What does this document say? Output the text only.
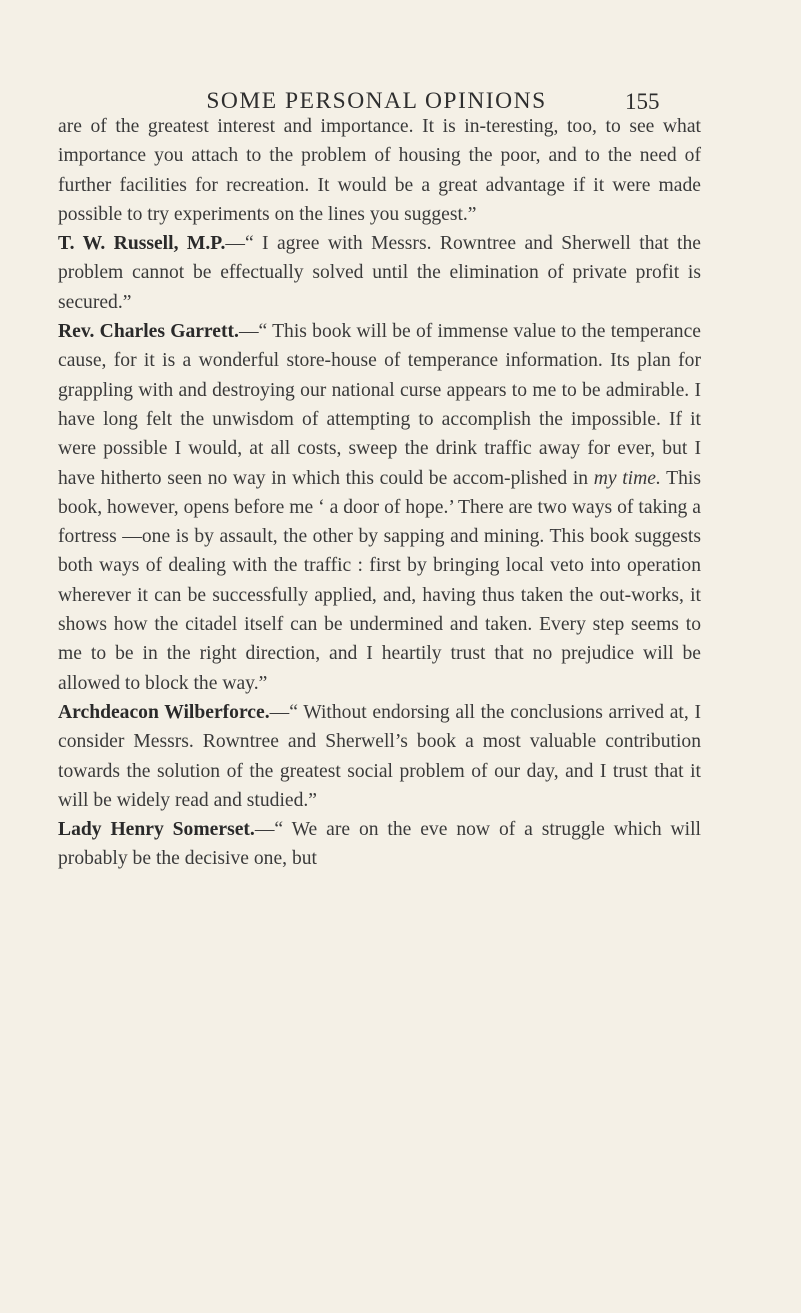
SOME PERSONAL OPINIONS	155

are of the greatest interest and importance. It is in-teresting, too, to see what importance you attach to the problem of housing the poor, and to the need of further facilities for recreation. It would be a great advantage if it were made possible to try experiments on the lines you suggest.”

T. W. Russell, M.P.—“ I agree with Messrs. Rowntree and Sherwell that the problem cannot be effectually solved until the elimination of private profit is secured.”

Rev. Charles Garrett.—“ This book will be of immense value to the temperance cause, for it is a wonderful store-house of temperance information. Its plan for grappling with and destroying our national curse appears to me to be admirable. I have long felt the unwisdom of attempting to accomplish the impossible. If it were possible I would, at all costs, sweep the drink traffic away for ever, but I have hitherto seen no way in which this could be accom-plished in my time. This book, however, opens before me ‘ a door of hope.’ There are two ways of taking a fortress —one is by assault, the other by sapping and mining. This book suggests both ways of dealing with the traffic : first by bringing local veto into operation wherever it can be successfully applied, and, having thus taken the out-works, it shows how the citadel itself can be undermined and taken. Every step seems to me to be in the right direction, and I heartily trust that no prejudice will be allowed to block the way.”

Archdeacon Wilberforce.—“ Without endorsing all the conclusions arrived at, I consider Messrs. Rowntree and Sherwell’s book a most valuable contribution towards the solution of the greatest social problem of our day, and I trust that it will be widely read and studied.”

Lady Henry Somerset.—“ We are on the eve now of a struggle which will probably be the decisive one, but
